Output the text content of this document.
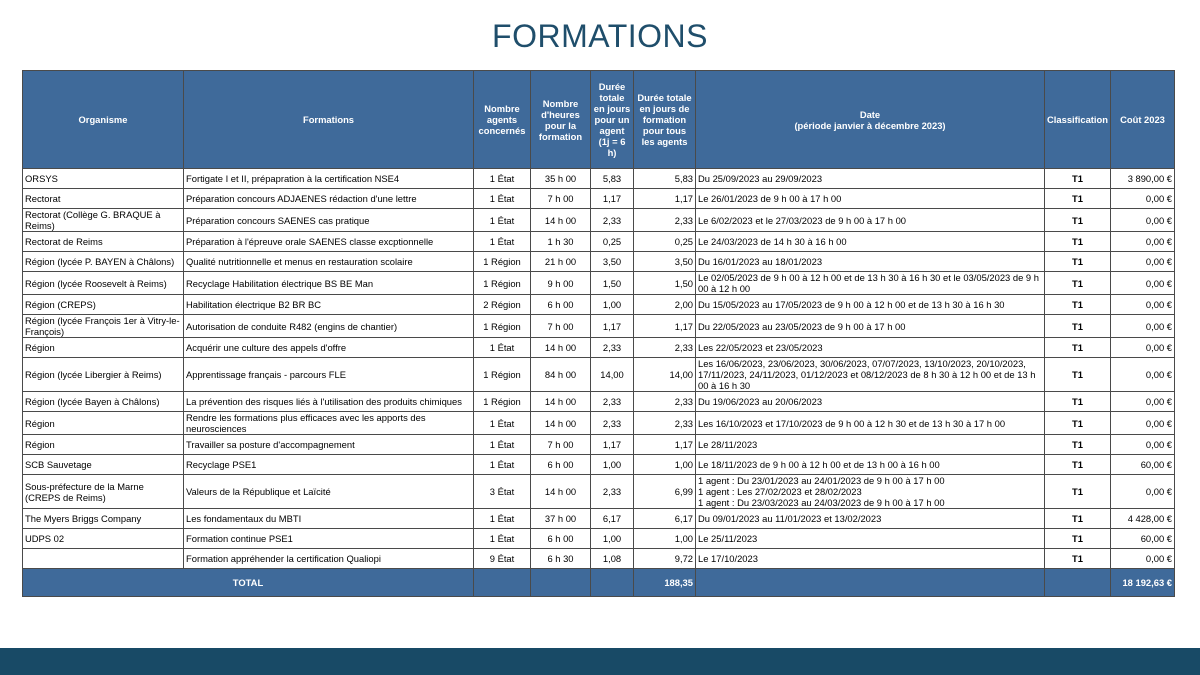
FORMATIONS
Organisme	Formations	Nombre agents concernés	Nombre d'heures pour la formation	Durée totale en jours pour un agent (1j = 6 h)	Durée totale en jours de formation pour tous les agents	Date
(période janvier à décembre 2023)	Classification	Coût 2023
ORSYS	Fortigate I et II, prépapration à la certification NSE4	1 État	35 h 00	5,83	5,83	Du 25/09/2023 au 29/09/2023	T1	3 890,00 €
Rectorat	Préparation concours ADJAENES rédaction d'une lettre	1 État	7 h 00	1,17	1,17	Le 26/01/2023 de 9 h 00 à 17 h 00	T1	0,00 €
Rectorat (Collège G. BRAQUE à Reims)	Préparation concours SAENES cas pratique	1 État	14 h 00	2,33	2,33	Le 6/02/2023 et le 27/03/2023 de 9 h 00 à 17 h 00	T1	0,00 €
Rectorat de Reims	Préparation à l'épreuve orale SAENES classe excptionnelle	1 État	1 h 30	0,25	0,25	Le 24/03/2023 de 14 h 30 à 16 h 00	T1	0,00 €
Région (lycée P. BAYEN à Châlons)	Qualité nutritionnelle et menus en restauration scolaire	1 Région	21 h 00	3,50	3,50	Du 16/01/2023 au 18/01/2023	T1	0,00 €
Région (lycée Roosevelt à Reims)	Recyclage Habilitation électrique BS BE Man	1 Région	9 h 00	1,50	1,50	Le 02/05/2023 de 9 h 00 à 12 h 00 et de 13 h 30 à 16 h 30 et le 03/05/2023 de 9 h 00 à 12 h 00	T1	0,00 €
Région (CREPS)	Habilitation électrique B2 BR BC	2 Région	6 h 00	1,00	2,00	Du 15/05/2023 au 17/05/2023 de 9 h 00 à 12 h 00 et de 13 h 30 à 16 h 30	T1	0,00 €
Région (lycée François 1er à Vitry-le-François)	Autorisation de conduite R482 (engins de chantier)	1 Région	7 h 00	1,17	1,17	Du 22/05/2023 au 23/05/2023 de 9 h 00 à 17 h 00	T1	0,00 €
Région	Acquérir une culture des appels d'offre	1 État	14 h 00	2,33	2,33	Les 22/05/2023 et 23/05/2023	T1	0,00 €
Région (lycée Libergier à Reims)	Apprentissage français - parcours FLE	1 Région	84 h 00	14,00	14,00	Les 16/06/2023, 23/06/2023, 30/06/2023, 07/07/2023, 13/10/2023, 20/10/2023, 17/11/2023, 24/11/2023, 01/12/2023 et 08/12/2023 de 8 h 30 à 12 h 00 et de 13 h 00 à 16 h 30	T1	0,00 €
Région (lycée Bayen à Châlons)	La prévention des risques liés à l'utilisation des produits chimiques	1 Région	14 h 00	2,33	2,33	Du 19/06/2023 au 20/06/2023	T1	0,00 €
Région	Rendre les formations plus efficaces avec les apports des neurosciences	1 État	14 h 00	2,33	2,33	Les 16/10/2023 et 17/10/2023 de 9 h 00 à 12 h 30 et de 13 h 30 à 17 h 00	T1	0,00 €
Région	Travailler sa posture d'accompagnement	1 État	7 h 00	1,17	1,17	Le 28/11/2023	T1	0,00 €
SCB Sauvetage	Recyclage PSE1	1 État	6 h 00	1,00	1,00	Le 18/11/2023 de 9 h 00 à 12 h 00 et de 13 h 00 à 16 h 00	T1	60,00 €
Sous-préfecture de la Marne (CREPS de Reims)	Valeurs de la République et Laïcité	3 État	14 h 00	2,33	6,99	1 agent : Du 23/01/2023 au 24/01/2023 de 9 h 00 à 17 h 00
1 agent : Les 27/02/2023 et 28/02/2023
1 agent : Du 23/03/2023 au 24/03/2023 de 9 h 00 à 17 h 00	T1	0,00 €
The Myers Briggs Company	Les fondamentaux du MBTI	1 État	37 h 00	6,17	6,17	Du 09/01/2023 au 11/01/2023 et 13/02/2023	T1	4 428,00 €
UDPS 02	Formation continue PSE1	1 État	6 h 00	1,00	1,00	Le 25/11/2023	T1	60,00 €
	Formation appréhender la certification Qualiopi	9 État	6 h 30	1,08	9,72	Le 17/10/2023	T1	0,00 €
TOTAL					188,35			18 192,63 €
